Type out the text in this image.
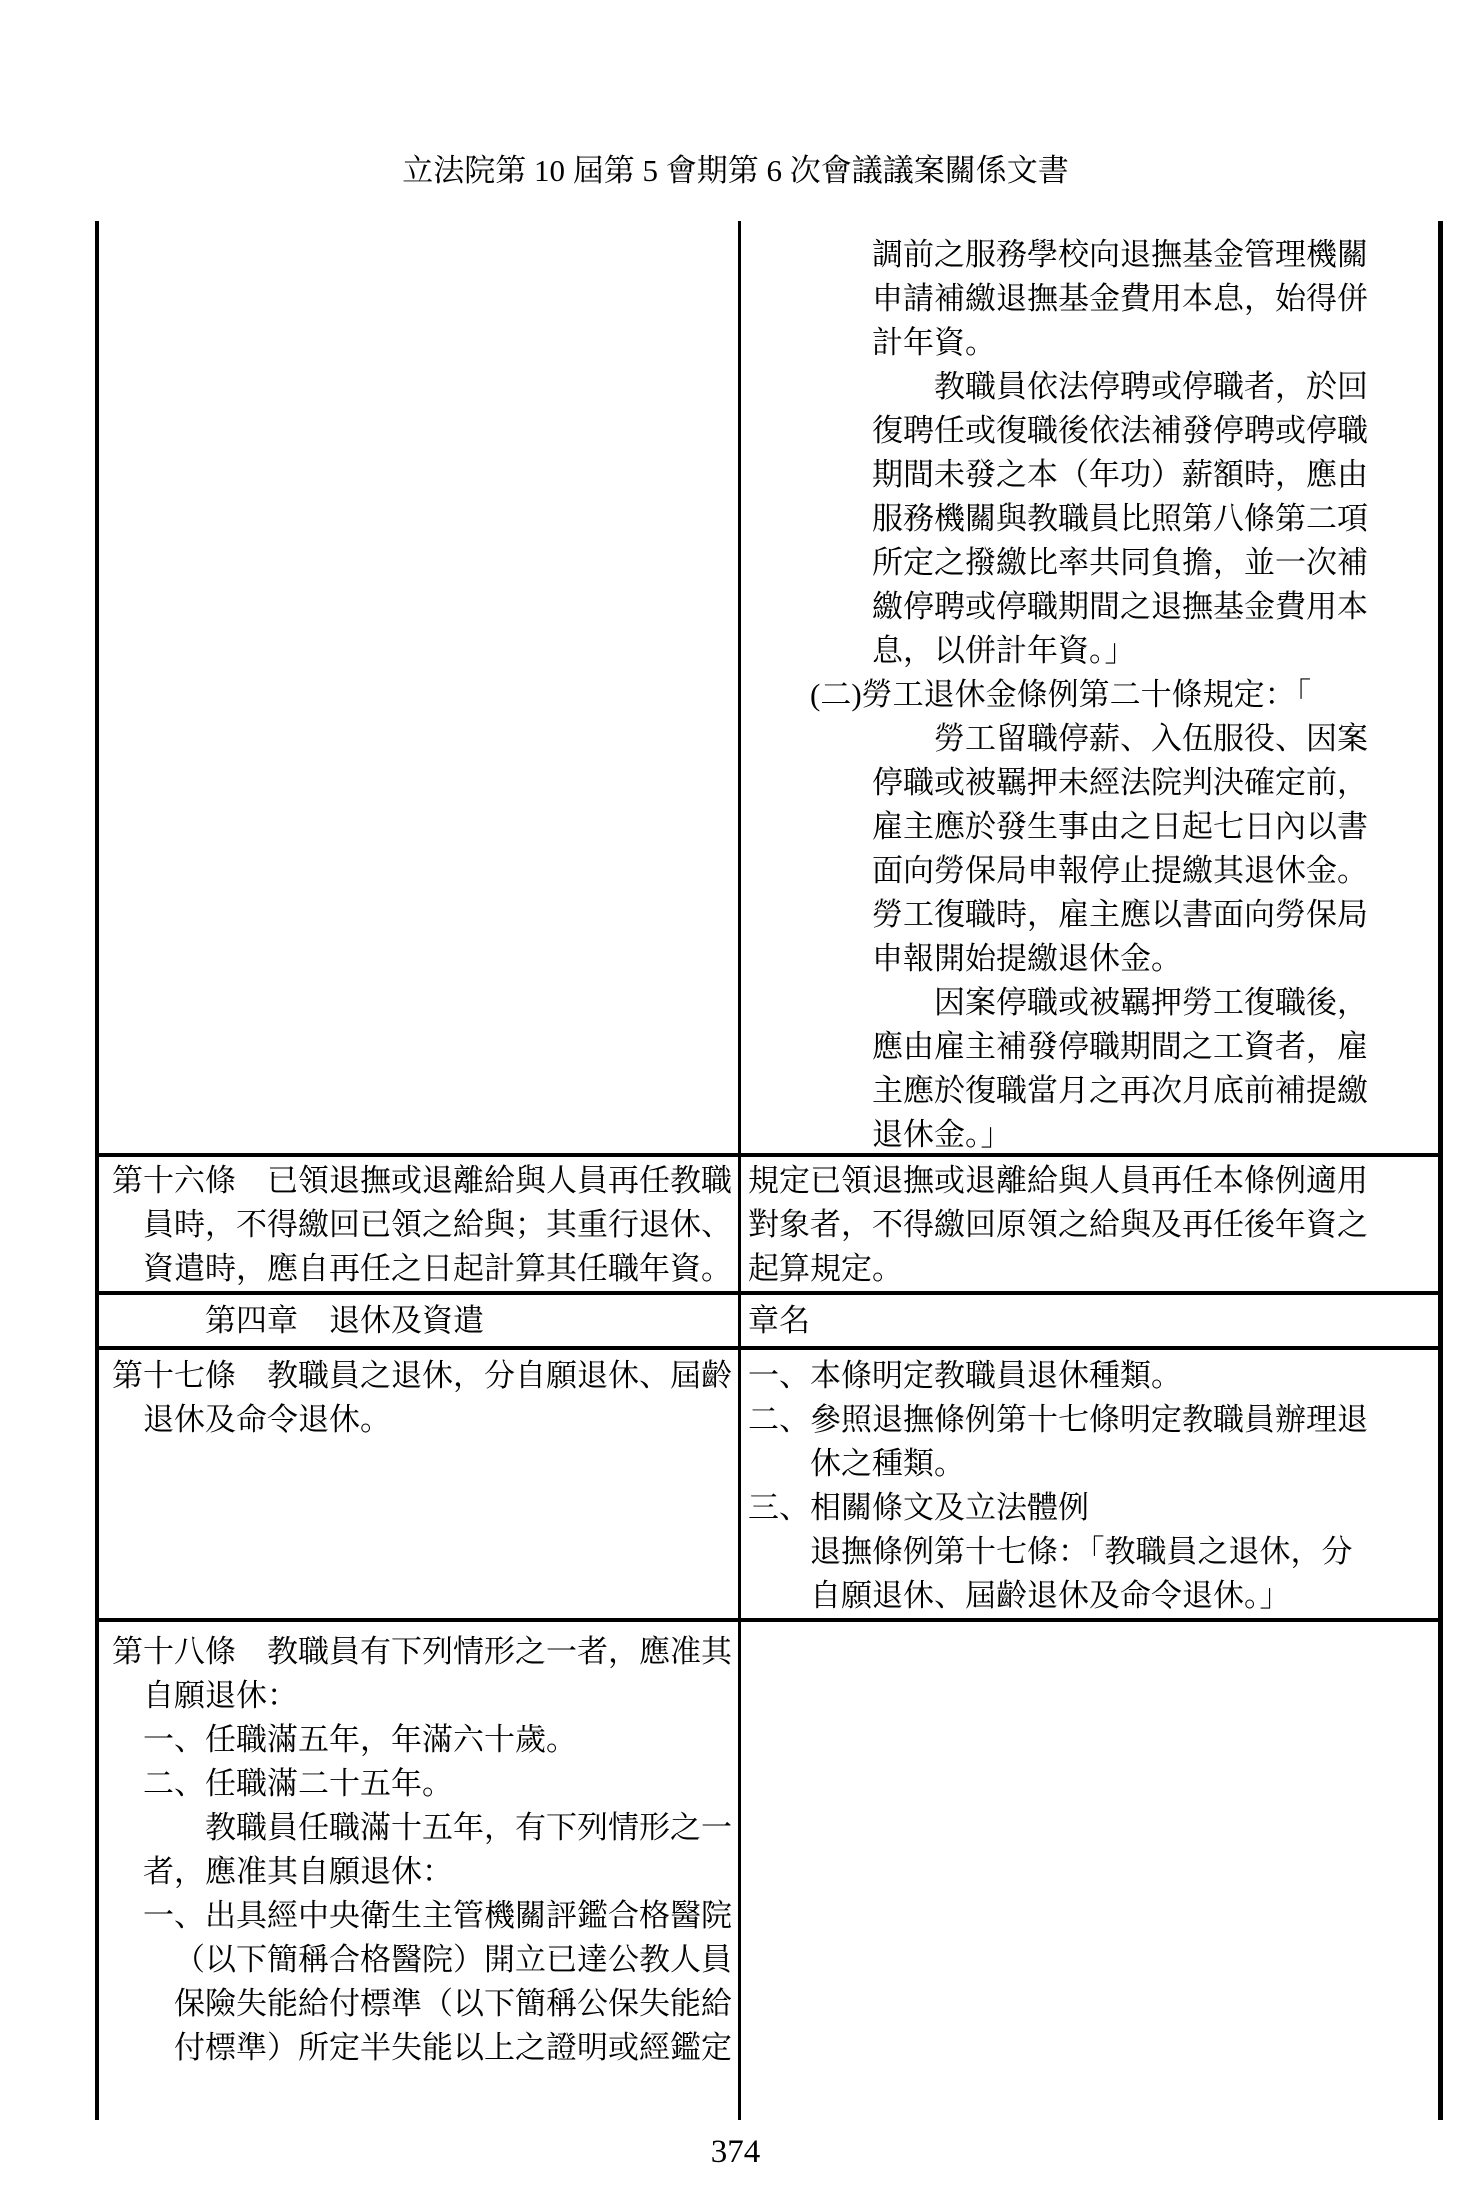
立法院第 10 屆第 5 會期第 6 次會議議案關係文書
調前之服務學校向退撫基金管理機關
申請補繳退撫基金費用本息，始得併
計年資。
教職員依法停聘或停職者，於回
復聘任或復職後依法補發停聘或停職
期間未發之本（年功）薪額時，應由
服務機關與教職員比照第八條第二項
所定之撥繳比率共同負擔，並一次補
繳停聘或停職期間之退撫基金費用本
息，以併計年資。」
(二)勞工退休金條例第二十條規定：「
勞工留職停薪、入伍服役、因案
停職或被羈押未經法院判決確定前，
雇主應於發生事由之日起七日內以書
面向勞保局申報停止提繳其退休金。
勞工復職時，雇主應以書面向勞保局
申報開始提繳退休金。
因案停職或被羈押勞工復職後，
應由雇主補發停職期間之工資者，雇
主應於復職當月之再次月底前補提繳
退休金。」
第十六條　已領退撫或退離給與人員再任教職
員時，不得繳回已領之給與；其重行退休、
資遣時，應自再任之日起計算其任職年資。
規定已領退撫或退離給與人員再任本條例適用
對象者，不得繳回原領之給與及再任後年資之
起算規定。
第四章　退休及資遣	章名
第十七條　教職員之退休，分自願退休、屆齡
退休及命令退休。
一、本條明定教職員退休種類。
二、參照退撫條例第十七條明定教職員辦理退
休之種類。
三、相關條文及立法體例
退撫條例第十七條：「教職員之退休，分
自願退休、屆齡退休及命令退休。」
第十八條　教職員有下列情形之一者，應准其
自願退休：
一、任職滿五年，年滿六十歲。
二、任職滿二十五年。
教職員任職滿十五年，有下列情形之一
者，應准其自願退休：
一、出具經中央衛生主管機關評鑑合格醫院
（以下簡稱合格醫院）開立已達公教人員
保險失能給付標準（以下簡稱公保失能給
付標準）所定半失能以上之證明或經鑑定
374
